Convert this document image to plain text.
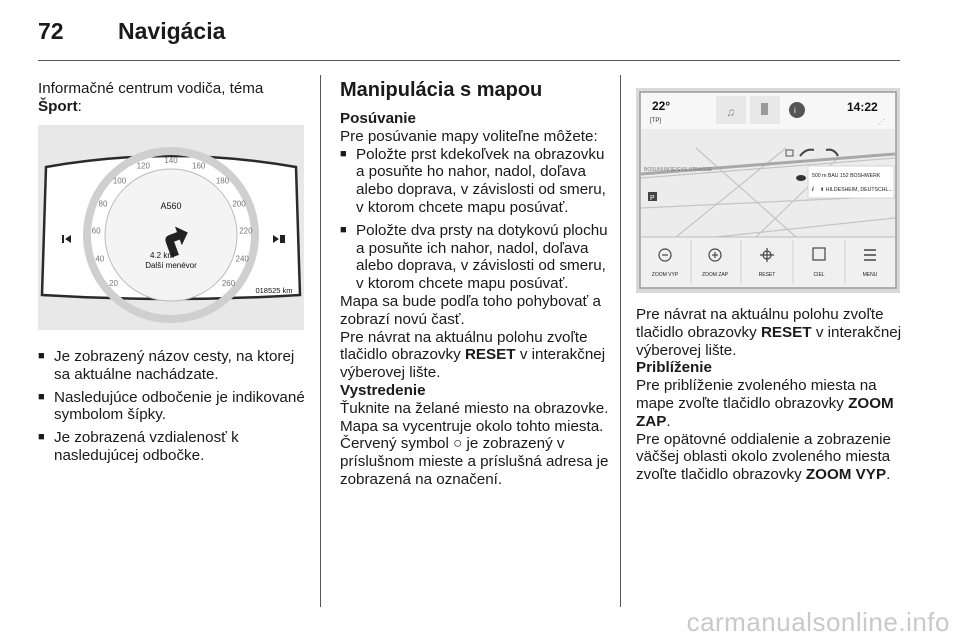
72 Navigácia

Informačné centrum vodiča, téma
Šport:

20
40
60
80
100
120
140
160
180
200
220
240
260
A560
4.2 km
Další menévor
018525 km
■ Je zobrazený názov cesty, na ktorej sa aktuálne nachádzate.
■ Nasledujúce odbočenie je indikované symbolom šípky.
■ Je zobrazená vzdialenosť k nasledujúcej odbočke.
Manipulácia s mapou

Posúvanie

Pre posúvanie mapy voliteľne môžete:

■ Položte prst kdekoľvek na obrazovku a posuňte ho nahor, nadol, doľava alebo doprava, v závislosti od smeru, v ktorom chcete mapu posúvať.
■ Položte dva prsty na dotykovú plochu a posuňte ich nahor, nadol, doľava alebo doprava, v závislosti od smeru, v ktorom chcete mapu posúvať.

Mapa sa bude podľa toho pohybovať a zobrazí novú časť.

Pre návrat na aktuálnu polohu zvoľte tlačidlo obrazovky RESET v interakčnej výberovej lište.

Vystredenie

Ťuknite na želané miesto na obrazovke. Mapa sa vycentruje okolo tohto miesta.

Červený symbol ○ je zobrazený v príslušnom mieste a príslušná adresa je zobrazená na označení.

22°
[TP]
♫	i	14:22
⋰
BOSUNUMJE/GYS STRASSE
500 m BAU 152 BOSHWERK
⬆ HILDESHEIM, DEUTSCHL...
𝒊
P
ZOOM VYP	ZOOM ZAP	RESET	CIEL	MENU

Pre návrat na aktuálnu polohu zvoľte tlačidlo obrazovky RESET v interakčnej výberovej lište.

Priblíženie

Pre priblíženie zvoleného miesta na mape zvoľte tlačidlo obrazovky ZOOM ZAP.

Pre opätovné oddialenie a zobrazenie väčšej oblasti okolo zvoleného miesta zvoľte tlačidlo obrazovky ZOOM VYP.

carmanualsonline.info
